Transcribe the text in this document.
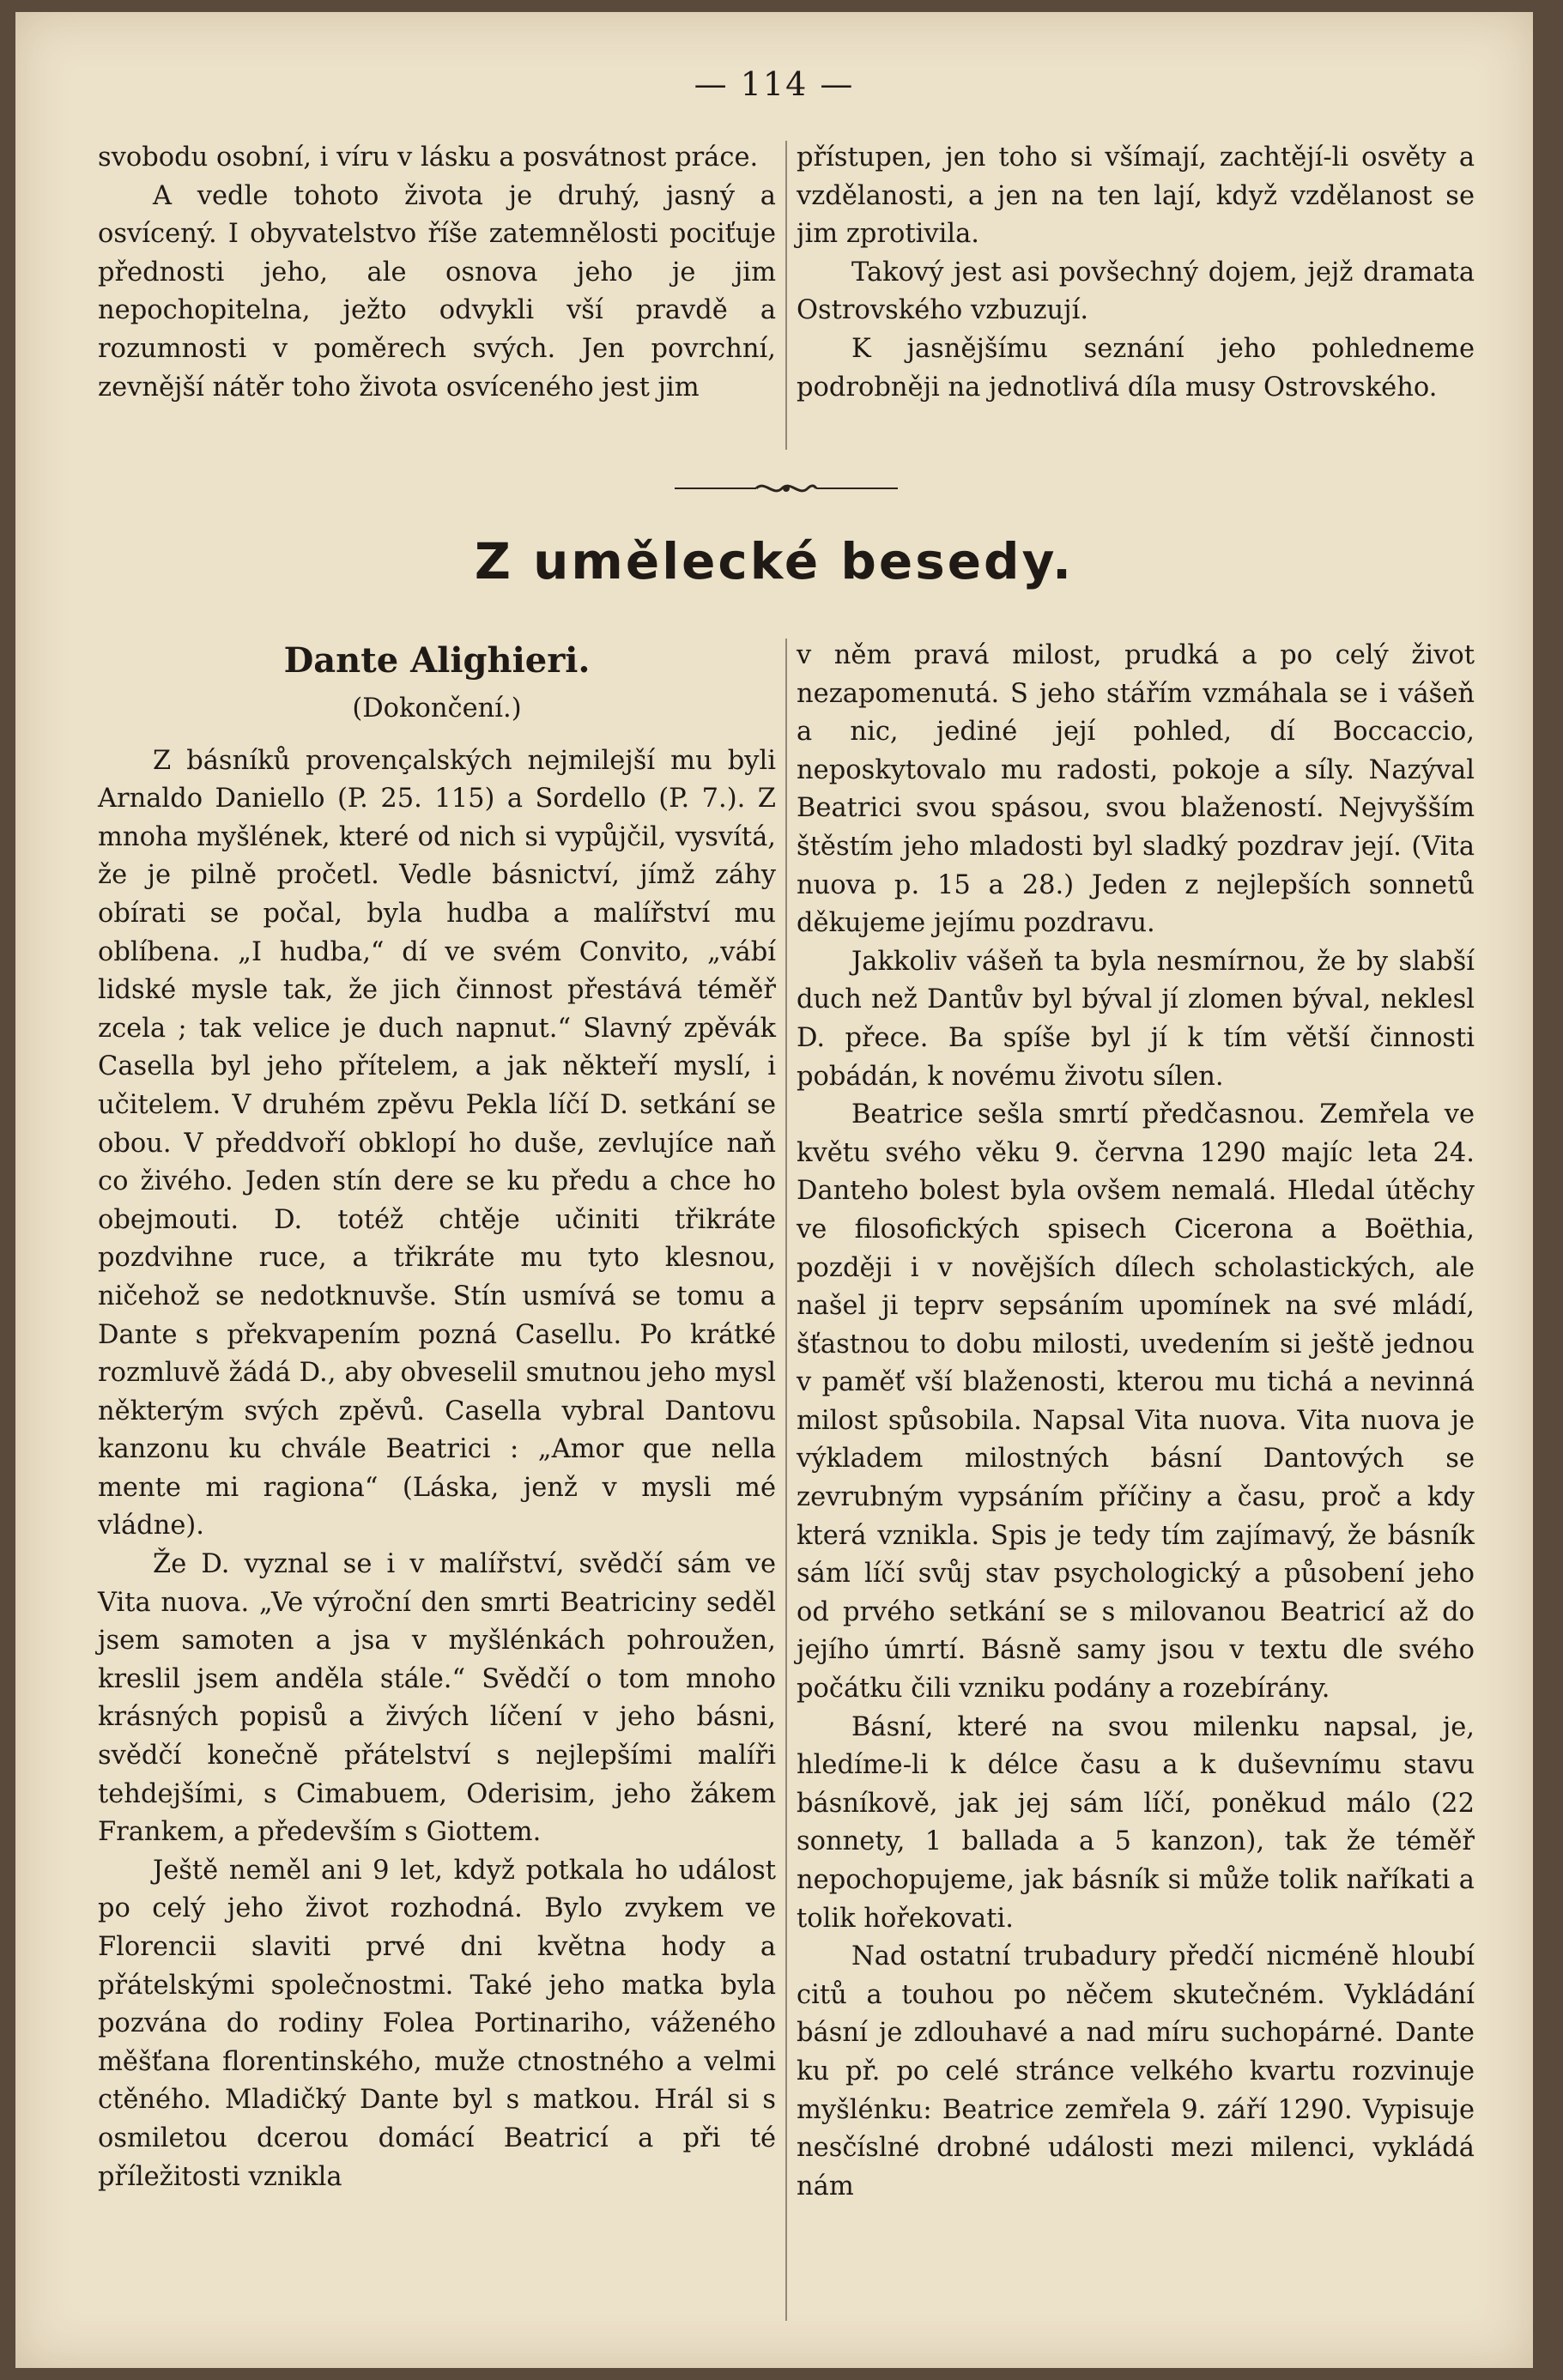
— 114 —

svobodu osobní, i víru v lásku a posvátnost práce.

A vedle tohoto života je druhý, jasný a osvícený. I obyvatelstvo říše zatemnělosti pociťuje přednosti jeho, ale osnova jeho je jim nepochopitelna, ježto odvykli vší pravdě a rozumnosti v poměrech svých. Jen povrchní, zevnější nátěr toho života osvíceného jest jim

přístupen, jen toho si všímají, zachtějí-li osvěty a vzdělanosti, a jen na ten lají, když vzdělanost se jim zprotivila.

Takový jest asi povšechný dojem, jejž dramata Ostrovského vzbuzují.

K jasnějšímu seznání jeho pohledneme podrobněji na jednotlivá díla musy Ostrovského.

Z umělecké besedy.
Dante Alighieri.
(Dokončení.)

Z básníků provençalských nejmilejší mu byli Arnaldo Daniello (P. 25. 115) a Sordello (P. 7.). Z mnoha myšlének, které od nich si vypůjčil, vysvítá, že je pilně pročetl. Vedle básnictví, jímž záhy obírati se počal, byla hudba a malířství mu oblíbena. „I hudba,“ dí ve svém Convito, „vábí lidské mysle tak, že jich činnost přestává téměř zcela ; tak velice je duch napnut.“ Slavný zpěvák Casella byl jeho přítelem, a jak někteří myslí, i učitelem. V druhém zpěvu Pekla líčí D. setkání se obou. V předdvoří obklopí ho duše, zevlujíce naň co živého. Jeden stín dere se ku předu a chce ho obejmouti. D. totéž chtěje učiniti třikráte pozdvihne ruce, a třikráte mu tyto klesnou, ničehož se nedotknuvše. Stín usmívá se tomu a Dante s překvapením pozná Casellu. Po krátké rozmluvě žádá D., aby obveselil smutnou jeho mysl některým svých zpěvů. Casella vybral Dantovu kanzonu ku chvále Beatrici : „Amor que nella mente mi ragiona“ (Láska, jenž v mysli mé vládne).

Že D. vyznal se i v malířství, svědčí sám ve Vita nuova. „Ve výroční den smrti Beatriciny seděl jsem samoten a jsa v myšlénkách pohroužen, kreslil jsem anděla stále.“ Svědčí o tom mnoho krásných popisů a živých líčení v jeho básni, svědčí konečně přátelství s nejlepšími malíři tehdejšími, s Cimabuem, Oderisim, jeho žákem Frankem, a především s Giottem.

Ještě neměl ani 9 let, když potkala ho událost po celý jeho život rozhodná. Bylo zvykem ve Florencii slaviti prvé dni května hody a přátelskými společnostmi. Také jeho matka byla pozvána do rodiny Folea Portinariho, váženého měšťana florentinského, muže ctnostného a velmi ctěného. Mladičký Dante byl s matkou. Hrál si s osmiletou dcerou domácí Beatricí a při té příležitosti vznikla

v něm pravá milost, prudká a po celý život nezapomenutá. S jeho stářím vzmáhala se i vášeň a nic, jediné její pohled, dí Boccaccio, neposkytovalo mu radosti, pokoje a síly. Nazýval Beatrici svou spásou, svou blažeností. Nejvyšším štěstím jeho mladosti byl sladký pozdrav její. (Vita nuova p. 15 a 28.) Jeden z nejlepších sonnetů děkujeme jejímu pozdravu.

Jakkoliv vášeň ta byla nesmírnou, že by slabší duch než Dantův byl býval jí zlomen býval, neklesl D. přece. Ba spíše byl jí k tím větší činnosti pobádán, k novému životu sílen.

Beatrice sešla smrtí předčasnou. Zemřela ve květu svého věku 9. června 1290 majíc leta 24. Danteho bolest byla ovšem nemalá. Hledal útěchy ve filosofických spisech Cicerona a Boëthia, později i v novějších dílech scholastických, ale našel ji teprv sepsáním upomínek na své mládí, šťastnou to dobu milosti, uvedením si ještě jednou v paměť vší blaženosti, kterou mu tichá a nevinná milost spůsobila. Napsal Vita nuova. Vita nuova je výkladem milostných básní Dantových se zevrubným vypsáním příčiny a času, proč a kdy která vznikla. Spis je tedy tím zajímavý, že básník sám líčí svůj stav psychologický a působení jeho od prvého setkání se s milovanou Beatricí až do jejího úmrtí. Básně samy jsou v textu dle svého počátku čili vzniku podány a rozebírány.

Básní, které na svou milenku napsal, je, hledíme-li k délce času a k duševnímu stavu básníkově, jak jej sám líčí, poněkud málo (22 sonnety, 1 ballada a 5 kanzon), tak že téměř nepochopujeme, jak básník si může tolik naříkati a tolik hořekovati.

Nad ostatní trubadury předčí nicméně hloubí citů a touhou po něčem skutečném. Vykládání básní je zdlouhavé a nad míru suchopárné. Dante ku př. po celé stránce velkého kvartu rozvinuje myšlénku: Beatrice zemřela 9. září 1290. Vypisuje nesčíslné drobné události mezi milenci, vykládá nám
